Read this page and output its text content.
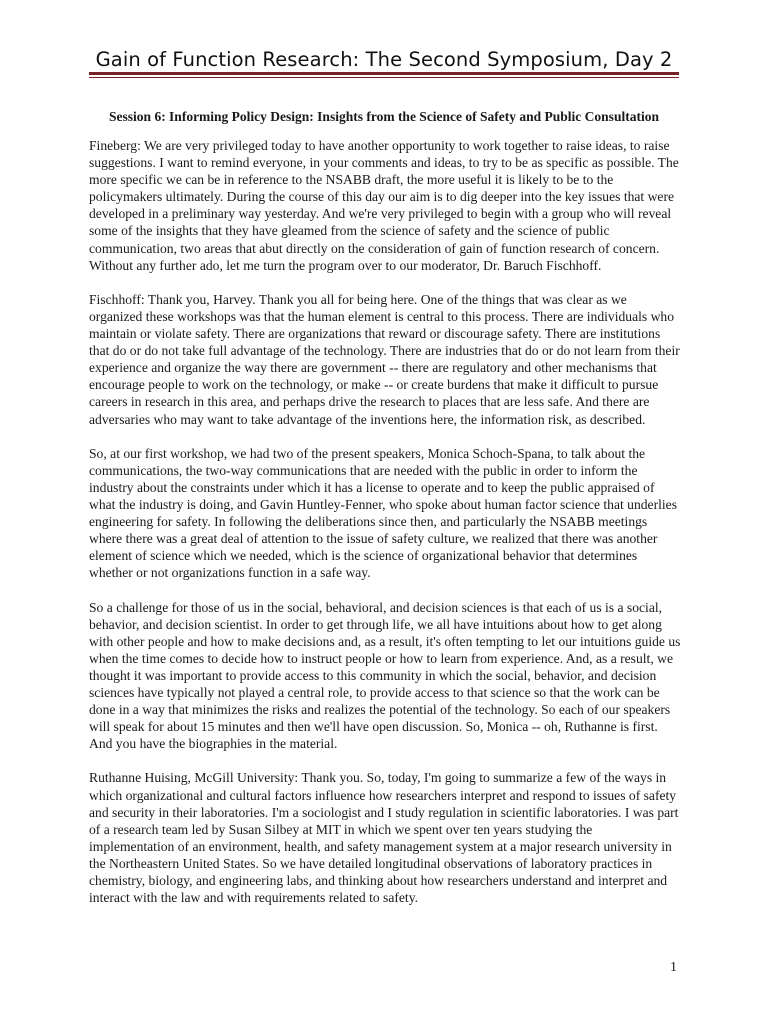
Gain of Function Research: The Second Symposium, Day 2
Session 6: Informing Policy Design: Insights from the Science of Safety and Public Consultation

Fineberg: We are very privileged today to have another opportunity to work together to raise ideas, to raise suggestions. I want to remind everyone, in your comments and ideas, to try to be as specific as possible. The more specific we can be in reference to the NSABB draft, the more useful it is likely to be to the policymakers ultimately. During the course of this day our aim is to dig deeper into the key issues that were developed in a preliminary way yesterday. And we're very privileged to begin with a group who will reveal some of the insights that they have gleamed from the science of safety and the science of public communication, two areas that abut directly on the consideration of gain of function research of concern. Without any further ado, let me turn the program over to our moderator, Dr. Baruch Fischhoff.

Fischhoff: Thank you, Harvey. Thank you all for being here. One of the things that was clear as we organized these workshops was that the human element is central to this process. There are individuals who maintain or violate safety. There are organizations that reward or discourage safety. There are institutions that do or do not take full advantage of the technology. There are industries that do or do not learn from their experience and organize the way there are government -- there are regulatory and other mechanisms that encourage people to work on the technology, or make -- or create burdens that make it difficult to pursue careers in research in this area, and perhaps drive the research to places that are less safe. And there are adversaries who may want to take advantage of the inventions here, the information risk, as described.

So, at our first workshop, we had two of the present speakers, Monica Schoch-Spana, to talk about the communications, the two-way communications that are needed with the public in order to inform the industry about the constraints under which it has a license to operate and to keep the public appraised of what the industry is doing, and Gavin Huntley-Fenner, who spoke about human factor science that underlies engineering for safety. In following the deliberations since then, and particularly the NSABB meetings where there was a great deal of attention to the issue of safety culture, we realized that there was another element of science which we needed, which is the science of organizational behavior that determines whether or not organizations function in a safe way.

So a challenge for those of us in the social, behavioral, and decision sciences is that each of us is a social, behavior, and decision scientist. In order to get through life, we all have intuitions about how to get along with other people and how to make decisions and, as a result, it's often tempting to let our intuitions guide us when the time comes to decide how to instruct people or how to learn from experience. And, as a result, we thought it was important to provide access to this community in which the social, behavior, and decision sciences have typically not played a central role, to provide access to that science so that the work can be done in a way that minimizes the risks and realizes the potential of the technology. So each of our speakers will speak for about 15 minutes and then we'll have open discussion. So, Monica -- oh, Ruthanne is first. And you have the biographies in the material.

Ruthanne Huising, McGill University: Thank you. So, today, I'm going to summarize a few of the ways in which organizational and cultural factors influence how researchers interpret and respond to issues of safety and security in their laboratories. I'm a sociologist and I study regulation in scientific laboratories. I was part of a research team led by Susan Silbey at MIT in which we spent over ten years studying the implementation of an environment, health, and safety management system at a major research university in the Northeastern United States. So we have detailed longitudinal observations of laboratory practices in chemistry, biology, and engineering labs, and thinking about how researchers understand and interpret and interact with the law and with requirements related to safety.

1
